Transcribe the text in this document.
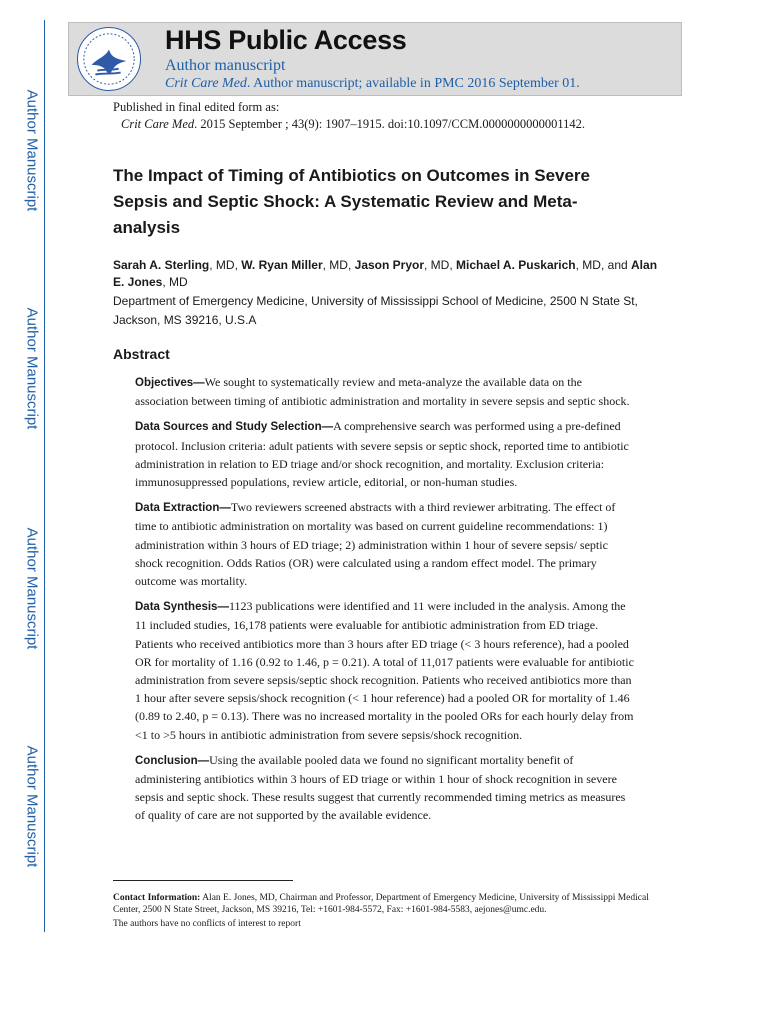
Author Manuscript
Author Manuscript
Author Manuscript
Author Manuscript
HHS Public Access
Author manuscript
Crit Care Med. Author manuscript; available in PMC 2016 September 01.
Published in final edited form as:
Crit Care Med. 2015 September ; 43(9): 1907–1915. doi:10.1097/CCM.0000000000001142.
The Impact of Timing of Antibiotics on Outcomes in Severe Sepsis and Septic Shock: A Systematic Review and Meta-analysis
Sarah A. Sterling, MD, W. Ryan Miller, MD, Jason Pryor, MD, Michael A. Puskarich, MD, and Alan E. Jones, MD
Department of Emergency Medicine, University of Mississippi School of Medicine, 2500 N State St, Jackson, MS 39216, U.S.A
Abstract

Objectives—We sought to systematically review and meta-analyze the available data on the association between timing of antibiotic administration and mortality in severe sepsis and septic shock.

Data Sources and Study Selection—A comprehensive search was performed using a pre-defined protocol. Inclusion criteria: adult patients with severe sepsis or septic shock, reported time to antibiotic administration in relation to ED triage and/or shock recognition, and mortality. Exclusion criteria: immunosuppressed populations, review article, editorial, or non-human studies.

Data Extraction—Two reviewers screened abstracts with a third reviewer arbitrating. The effect of time to antibiotic administration on mortality was based on current guideline recommendations: 1) administration within 3 hours of ED triage; 2) administration within 1 hour of severe sepsis/ septic shock recognition. Odds Ratios (OR) were calculated using a random effect model. The primary outcome was mortality.

Data Synthesis—1123 publications were identified and 11 were included in the analysis. Among the 11 included studies, 16,178 patients were evaluable for antibiotic administration from ED triage. Patients who received antibiotics more than 3 hours after ED triage (< 3 hours reference), had a pooled OR for mortality of 1.16 (0.92 to 1.46, p = 0.21). A total of 11,017 patients were evaluable for antibiotic administration from severe sepsis/septic shock recognition. Patients who received antibiotics more than 1 hour after severe sepsis/shock recognition (< 1 hour reference) had a pooled OR for mortality of 1.46 (0.89 to 2.40, p = 0.13). There was no increased mortality in the pooled ORs for each hourly delay from <1 to >5 hours in antibiotic administration from severe sepsis/shock recognition.

Conclusion—Using the available pooled data we found no significant mortality benefit of administering antibiotics within 3 hours of ED triage or within 1 hour of shock recognition in severe sepsis and septic shock. These results suggest that currently recommended timing metrics as measures of quality of care are not supported by the available evidence.

Contact Information: Alan E. Jones, MD, Chairman and Professor, Department of Emergency Medicine, University of Mississippi Medical Center, 2500 N State Street, Jackson, MS 39216, Tel: +1601-984-5572, Fax: +1601-984-5583, aejones@umc.edu.
The authors have no conflicts of interest to report
